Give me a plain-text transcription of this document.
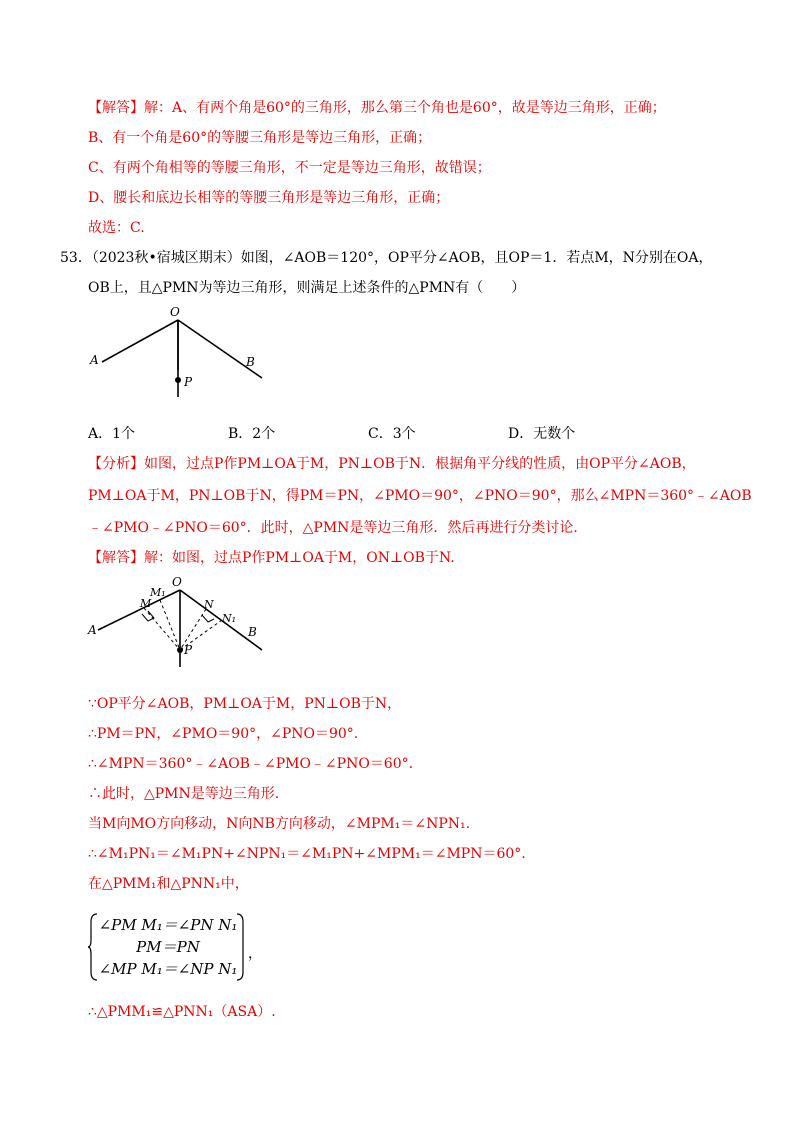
【解答】解：A、有两个角是60°的三角形，那么第三个角也是60°，故是等边三角形，正确；
B、有一个角是60°的等腰三角形是等边三角形，正确；
C、有两个角相等的等腰三角形，不一定是等边三角形，故错误；
D、腰长和底边长相等的等腰三角形是等边三角形，正确；
故选：C.
53．（2023秋•宿城区期末）如图，∠AOB＝120°，OP平分∠AOB，且OP＝1．若点M，N分别在OA，
OB上，且△PMN为等边三角形，则满足上述条件的△PMN有（　　）
O
A	B
P
A．1个	B．2个	C．3个	D．无数个
【分析】如图，过点P作PM⊥OA于M，PN⊥OB于N．根据角平分线的性质，由OP平分∠AOB，
PM⊥OA于M，PN⊥OB于N，得PM＝PN，∠PMO＝90°，∠PNO＝90°，那么∠MPN＝360°﹣∠AOB
﹣∠PMO﹣∠PNO＝60°．此时，△PMN是等边三角形．然后再进行分类讨论．
【解答】解：如图，过点P作PM⊥OA于M，ON⊥OB于N.
O
A	B
P
M
M₁
N
N₁
∵OP平分∠AOB，PM⊥OA于M，PN⊥OB于N，
∴PM＝PN，∠PMO＝90°，∠PNO＝90°.
∴∠MPN＝360°﹣∠AOB﹣∠PMO﹣∠PNO＝60°.
∴此时，△PMN是等边三角形.
当M向MO方向移动，N向NB方向移动，∠MPM₁＝∠NPN₁.
∴∠M₁PN₁＝∠M₁PN+∠NPN₁＝∠M₁PN+∠MPM₁＝∠MPN＝60°.
在△PMM₁和△PNN₁中，
∠PM M₁＝∠PN N₁
PM＝PN
∠MP M₁＝∠NP N₁
，
∴△PMM₁≌△PNN₁（ASA）.
